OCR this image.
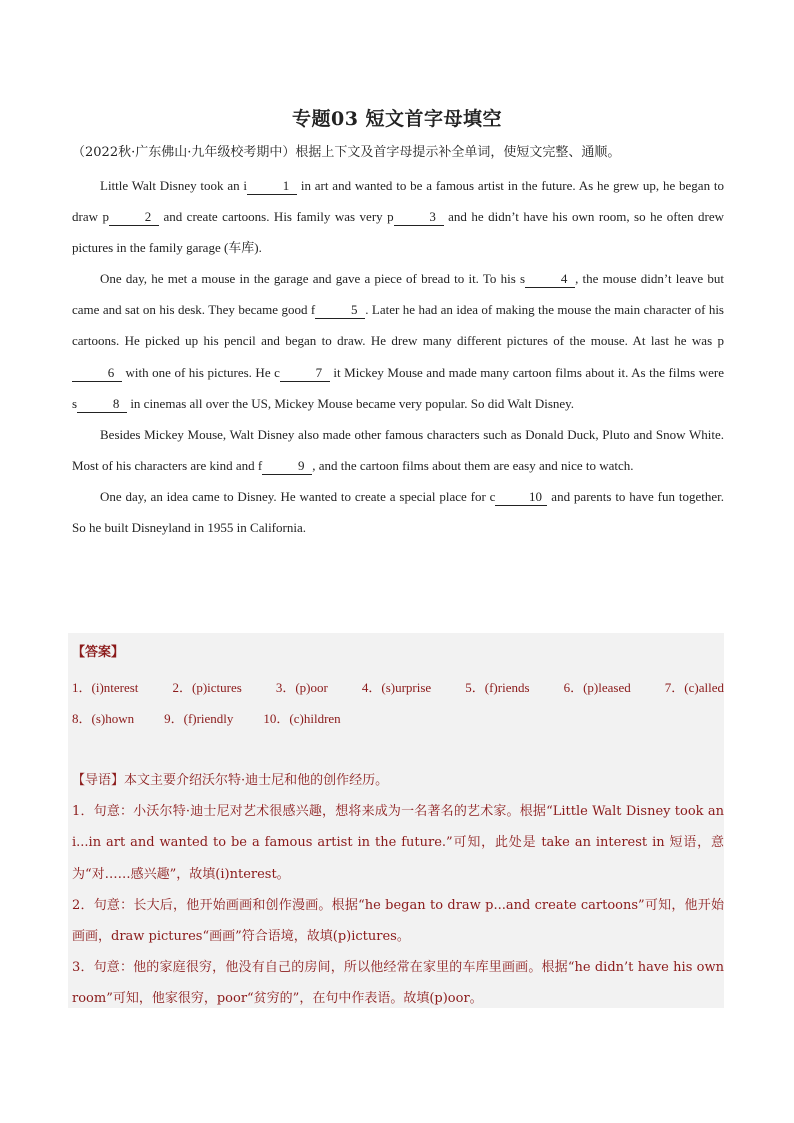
专题03 短文首字母填空
（2022秋·广东佛山·九年级校考期中）根据上下文及首字母提示补全单词，使短文完整、通顺。

Little Walt Disney took an i	1 in art and wanted to be a famous artist in the future. As he grew up, he began to draw p	2 and create cartoons. His family was very p	3 and he didn’t have his own room, so he often drew pictures in the family garage (车库).

One day, he met a mouse in the garage and gave a piece of bread to it. To his s	4 , the mouse didn’t leave but came and sat on his desk. They became good f	5 . Later he had an idea of making the mouse the main character of his cartoons. He picked up his pencil and began to draw. He drew many different pictures of the mouse. At last he was p6 with one of his pictures. He c	7 it Mickey Mouse and made many cartoon films about it. As the films were s	8 in cinemas all over the US, Mickey Mouse became very popular. So did Walt Disney.

Besides Mickey Mouse, Walt Disney also made other famous characters such as Donald Duck, Pluto and Snow White. Most of his characters are kind and f	9 , and the cartoon films about them are easy and nice to watch.

One day, an idea came to Disney. He wanted to create a special place for c	10 and parents to have fun together. So he built Disneyland in 1955 in California.

【答案】
1．(i)nterest	2．(p)ictures	3．(p)oor	4．(s)urprise	5．(f)riends	6．(p)leased	7．(c)alled
8．(s)hown 9．(f)riendly 10．(c)hildren
【导语】本文主要介绍沃尔特·迪士尼和他的创作经历。
1．句意：小沃尔特·迪士尼对艺术很感兴趣，想将来成为一名著名的艺术家。根据“Little Walt Disney took an i...in art and wanted to be a famous artist in the future.”可知，此处是 take an interest in 短语，意为“对……感兴趣”，故填(i)nterest。
2．句意：长大后，他开始画画和创作漫画。根据“he began to draw p...and create cartoons”可知，他开始画画，draw pictures“画画”符合语境，故填(p)ictures。
3．句意：他的家庭很穷，他没有自己的房间，所以他经常在家里的车库里画画。根据“he didn’t have his own room”可知，他家很穷，poor“贫穷的”，在句中作表语。故填(p)oor。
